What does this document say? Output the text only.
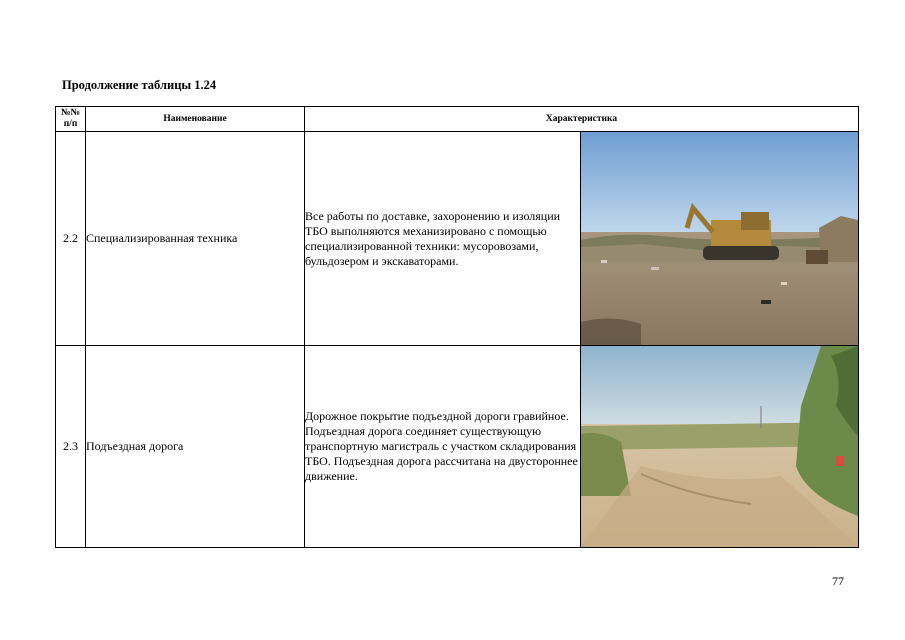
Продолжение таблицы 1.24
№№ п/п	Наименование	Характеристика	
2.2	Специализированная техника	Все работы по доставке, захоронению и изоляции ТБО выполняются механизировано с помощью специализированной техники: мусоровозами, бульдозером и экскаваторами.	

2.3	Подъездная дорога	Дорожное покрытие подъездной дороги гравийное.
Подъездная дорога соединяет существующую транспортную магистраль с участком складирования ТБО. Подъездная дорога рассчитана на двустороннее движение.	
77
